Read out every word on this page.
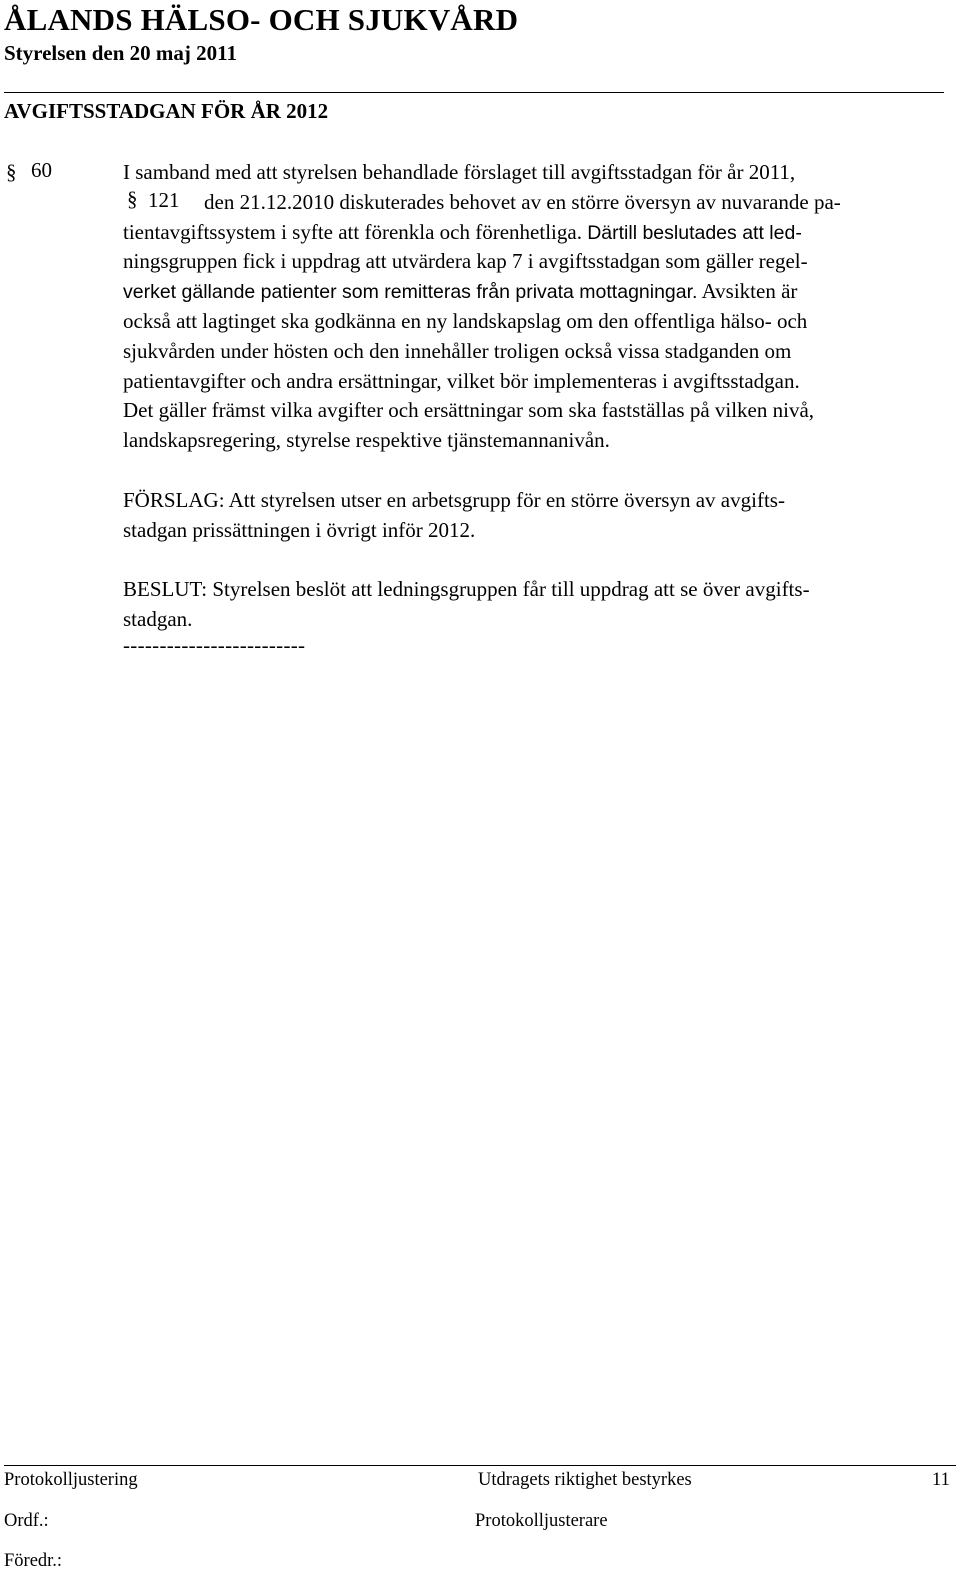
ÅLANDS HÄLSO- OCH SJUKVÅRD
Styrelsen den 20 maj 2011
AVGIFTSSTADGAN FÖR ÅR 2012
§ 60
§ 121
I samband med att styrelsen behandlade förslaget till avgiftsstadgan för år 2011,
den 21.12.2010 diskuterades behovet av en större översyn av nuvarande pa-
tientavgiftssystem i syfte att förenkla och förenhetliga. Därtill beslutades att led-
ningsgruppen fick i uppdrag att utvärdera kap 7 i avgiftsstadgan som gäller regel-
verket gällande patienter som remitteras från privata mottagningar. Avsikten är
också att lagtinget ska godkänna en ny landskapslag om den offentliga hälso- och
sjukvården under hösten och den innehåller troligen också vissa stadganden om
patientavgifter och andra ersättningar, vilket bör implementeras i avgiftsstadgan.
Det gäller främst vilka avgifter och ersättningar som ska fastställas på vilken nivå,
landskapsregering, styrelse respektive tjänstemannanivån.
FÖRSLAG: Att styrelsen utser en arbetsgrupp för en större översyn av avgifts-
stadgan prissättningen i övrigt inför 2012.
BESLUT: Styrelsen beslöt att ledningsgruppen får till uppdrag att se över avgifts-
stadgan.
-------------------------
Protokolljustering	Utdragets riktighet bestyrkes	11
Ordf.:	Protokolljusterare
Föredr.:
